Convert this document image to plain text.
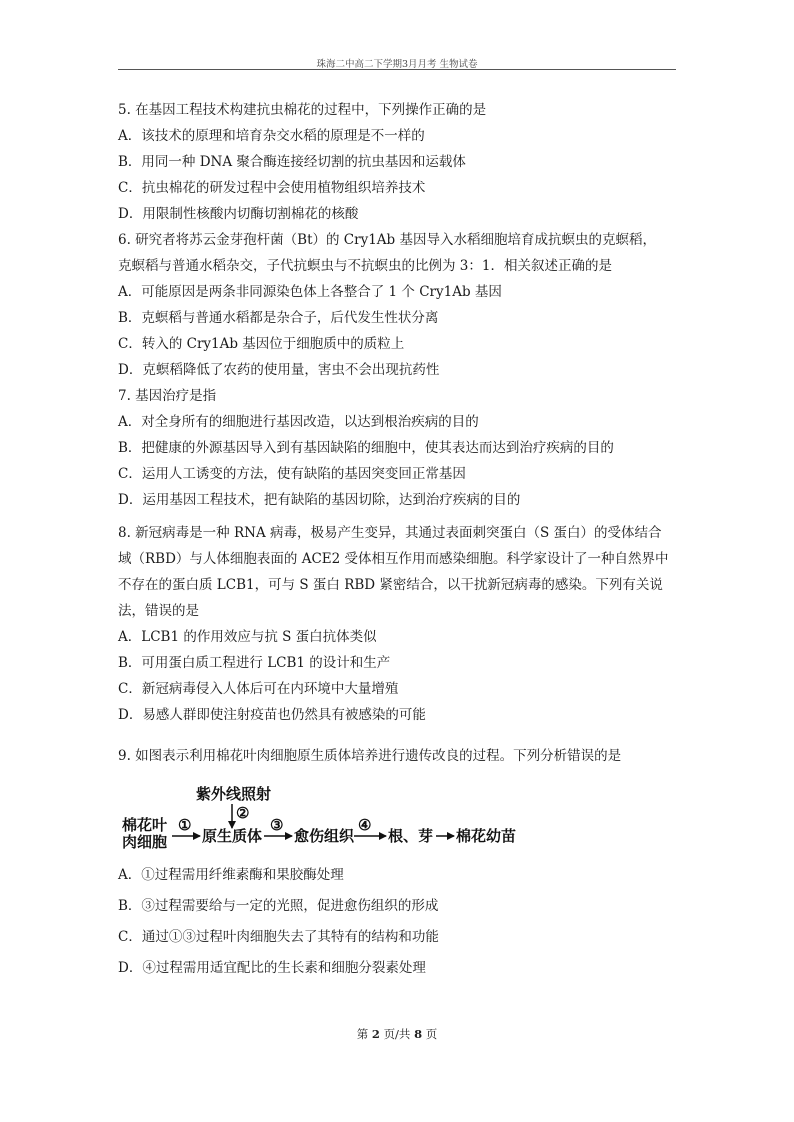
珠海二中高二下学期3月月考 生物试卷
5. 在基因工程技术构建抗虫棉花的过程中，下列操作正确的是
A．该技术的原理和培育杂交水稻的原理是不一样的
B．用同一种 DNA 聚合酶连接经切割的抗虫基因和运载体
C．抗虫棉花的研发过程中会使用植物组织培养技术
D．用限制性核酸内切酶切割棉花的核酸
6. 研究者将苏云金芽孢杆菌（Bt）的 Cry1Ab 基因导入水稻细胞培育成抗螟虫的克螟稻，
克螟稻与普通水稻杂交，子代抗螟虫与不抗螟虫的比例为 3：1．相关叙述正确的是
A．可能原因是两条非同源染色体上各整合了 1 个 Cry1Ab 基因
B．克螟稻与普通水稻都是杂合子，后代发生性状分离
C．转入的 Cry1Ab 基因位于细胞质中的质粒上
D．克螟稻降低了农药的使用量，害虫不会出现抗药性
7. 基因治疗是指
A．对全身所有的细胞进行基因改造，以达到根治疾病的目的
B．把健康的外源基因导入到有基因缺陷的细胞中，使其表达而达到治疗疾病的目的
C．运用人工诱变的方法，使有缺陷的基因突变回正常基因
D．运用基因工程技术，把有缺陷的基因切除，达到治疗疾病的目的
8. 新冠病毒是一种 RNA 病毒，极易产生变异，其通过表面刺突蛋白（S 蛋白）的受体结合
域（RBD）与人体细胞表面的 ACE2 受体相互作用而感染细胞。科学家设计了一种自然界中
不存在的蛋白质 LCB1，可与 S 蛋白 RBD 紧密结合，以干扰新冠病毒的感染。下列有关说
法，错误的是
A．LCB1 的作用效应与抗 S 蛋白抗体类似
B．可用蛋白质工程进行 LCB1 的设计和生产
C．新冠病毒侵入人体后可在内环境中大量增殖
D．易感人群即使注射疫苗也仍然具有被感染的可能
9. 如图表示利用棉花叶肉细胞原生质体培养进行遗传改良的过程。下列分析错误的是
紫外线照射
②
棉花叶
肉细胞
①
原生质体
③
愈伤组织
④
根、芽 棉花幼苗
A．①过程需用纤维素酶和果胶酶处理
B．③过程需要给与一定的光照，促进愈伤组织的形成
C．通过①③过程叶肉细胞失去了其特有的结构和功能
D．④过程需用适宜配比的生长素和细胞分裂素处理
第 2 页/共 8 页
